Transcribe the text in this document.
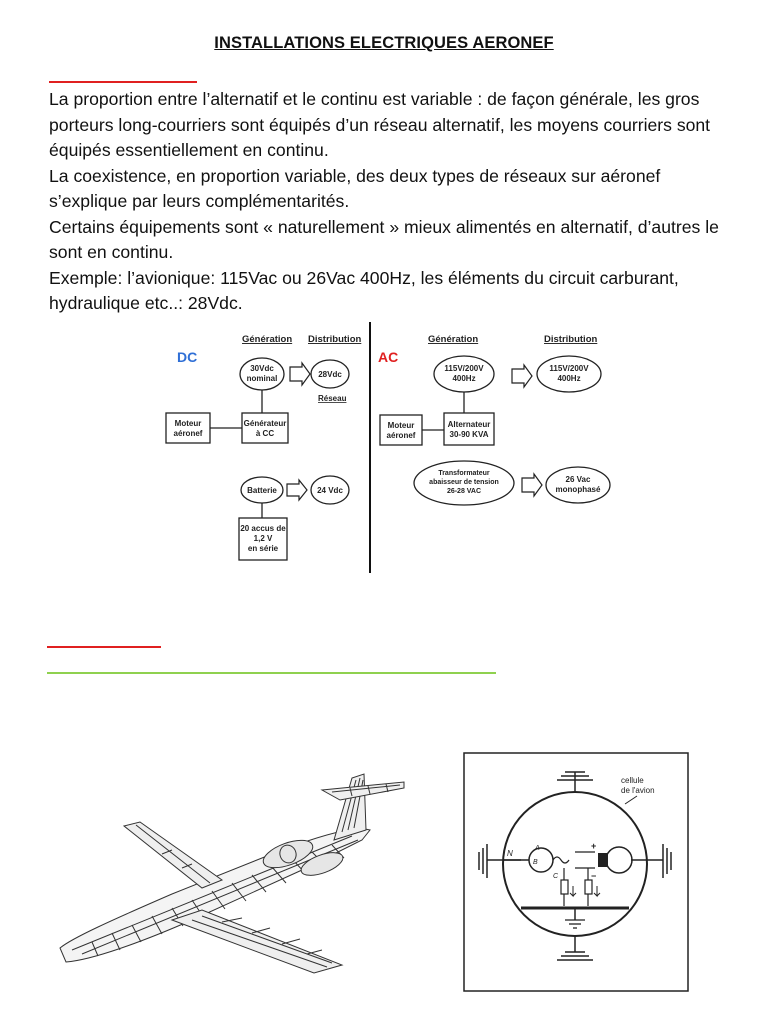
INSTALLATIONS ELECTRIQUES AERONEF

La proportion entre l’alternatif et le continu est variable : de façon générale, les gros porteurs long-courriers sont équipés d’un réseau alternatif, les moyens courriers sont équipés essentiellement en continu.

La coexistence, en proportion variable, des deux types de réseaux sur aéronef s’explique par leurs complémentarités.

Certains équipements sont « naturellement » mieux alimentés en alternatif, d’autres le sont en continu.

Exemple: l’avionique: 115Vac ou 26Vac 400Hz, les éléments du circuit carburant, hydraulique etc..: 28Vdc.

DC
Génération Distribution
30Vdc
nominal	28Vdc
Réseau
Moteur
aéronef
Générateur
à CC
Batterie	24 Vdc
20 accus de
1,2 V
en série
AC
Génération	Distribution
115V/200V
400Hz
115V/200V
400Hz
Moteur
aéronef
Alternateur
30-90 KVA
Transformateur
abaisseur de tension
26-28 VAC
26 Vac
monophasé
cellule
de l'avion
N
A
B
C
+
−
